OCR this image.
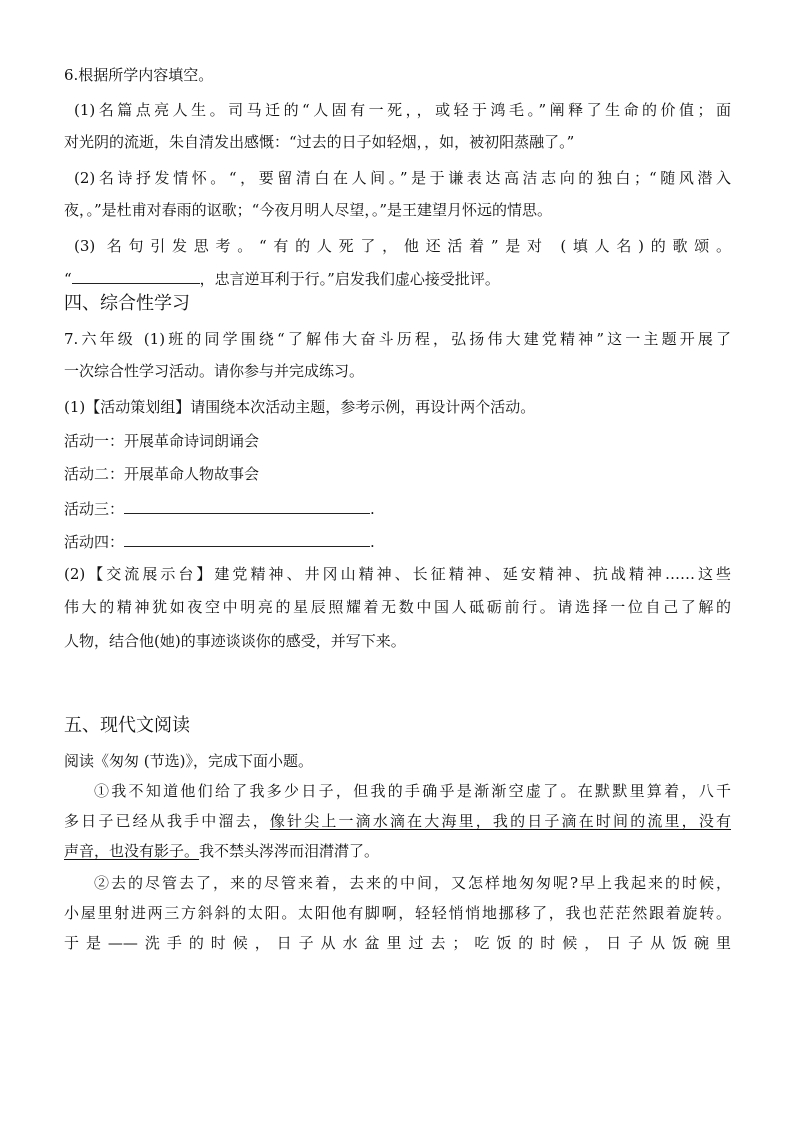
6.根据所学内容填空。
(1)名篇点亮人生。司马迁的“人固有一死，，或轻于鸿毛。”阐释了生命的价值；面
对光阴的流逝，朱自清发出感慨：“过去的日子如轻烟，，如，被初阳蒸融了。”
(2)名诗抒发情怀。“，要留清白在人间。”是于谦表达高洁志向的独白；“随风潜入
夜，。”是杜甫对春雨的讴歌；“今夜月明人尽望，。”是王建望月怀远的情思。
(3) 名句引发思考。“有的人死了，他还活着”是对 (填人名)的歌颂。
“	，忠言逆耳利于行。”启发我们虚心接受批评。
四、综合性学习
7.六年级 (1)班的同学围绕“了解伟大奋斗历程，弘扬伟大建党精神”这一主题开展了
一次综合性学习活动。请你参与并完成练习。
(1)【活动策划组】请围绕本次活动主题，参考示例，再设计两个活动。
活动一：开展革命诗词朗诵会
活动二：开展革命人物故事会
活动三：	.
活动四：	.
(2)【交流展示台】建党精神、井冈山精神、长征精神、延安精神、抗战精神……这些
伟大的精神犹如夜空中明亮的星辰照耀着无数中国人砥砺前行。请选择一位自己了解的
人物，结合他(她)的事迹谈谈你的感受，并写下来。
五、现代文阅读
阅读《匆匆 (节选)》，完成下面小题。
①我不知道他们给了我多少日子，但我的手确乎是渐渐空虚了。在默默里算着，八千
多日子已经从我手中溜去，像针尖上一滴水滴在大海里，我的日子滴在时间的流里，没有
声音，也没有影子。我不禁头涔涔而泪潸潸了。
②去的尽管去了，来的尽管来着，去来的中间，又怎样地匆匆呢?早上我起来的时候，
小屋里射进两三方斜斜的太阳。太阳他有脚啊，轻轻悄悄地挪移了，我也茫茫然跟着旋转。
于是——洗手的时候，日子从水盆里过去；吃饭的时候，日子从饭碗里
